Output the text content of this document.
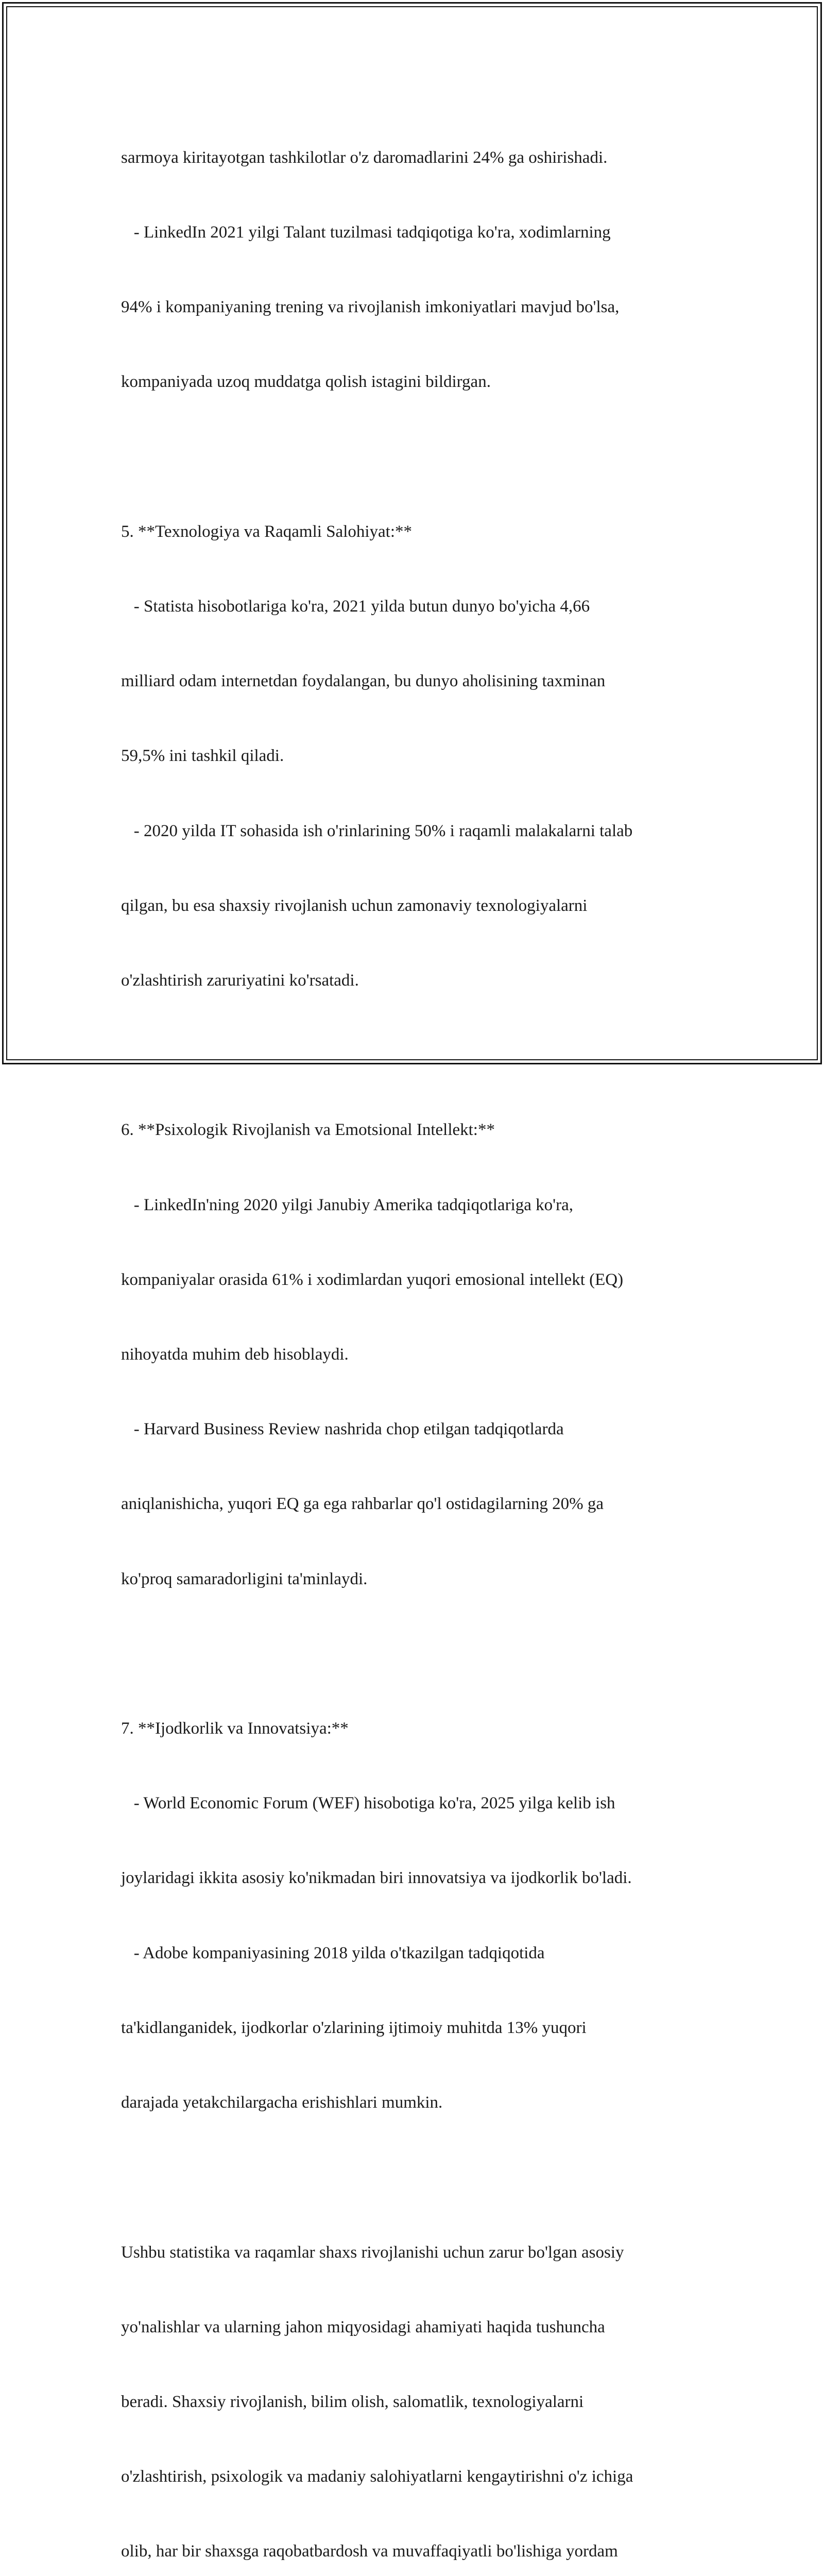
sarmoya kiritayotgan tashkilotlar o'z daromadlarini 24% ga oshirishadi.

- LinkedIn 2021 yilgi Talant tuzilmasi tadqiqotiga ko'ra, xodimlarning

94% i kompaniyaning trening va rivojlanish imkoniyatlari mavjud bo'lsa,

kompaniyada uzoq muddatga qolish istagini bildirgan.

5. **Texnologiya va Raqamli Salohiyat:**

- Statista hisobotlariga ko'ra, 2021 yilda butun dunyo bo'yicha 4,66

milliard odam internetdan foydalangan, bu dunyo aholisining taxminan

59,5% ini tashkil qiladi.

- 2020 yilda IT sohasida ish o'rinlarining 50% i raqamli malakalarni talab

qilgan, bu esa shaxsiy rivojlanish uchun zamonaviy texnologiyalarni

o'zlashtirish zaruriyatini ko'rsatadi.

6. **Psixologik Rivojlanish va Emotsional Intellekt:**

- LinkedIn'ning 2020 yilgi Janubiy Amerika tadqiqotlariga ko'ra,

kompaniyalar orasida 61% i xodimlardan yuqori emosional intellekt (EQ)

nihoyatda muhim deb hisoblaydi.

- Harvard Business Review nashrida chop etilgan tadqiqotlarda

aniqlanishicha, yuqori EQ ga ega rahbarlar qo'l ostidagilarning 20% ga

ko'proq samaradorligini ta'minlaydi.

7. **Ijodkorlik va Innovatsiya:**

- World Economic Forum (WEF) hisobotiga ko'ra, 2025 yilga kelib ish

joylaridagi ikkita asosiy ko'nikmadan biri innovatsiya va ijodkorlik bo'ladi.

- Adobe kompaniyasining 2018 yilda o'tkazilgan tadqiqotida

ta'kidlanganidek, ijodkorlar o'zlarining ijtimoiy muhitda 13% yuqori

darajada yetakchilargacha erishishlari mumkin.

Ushbu statistika va raqamlar shaxs rivojlanishi uchun zarur bo'lgan asosiy

yo'nalishlar va ularning jahon miqyosidagi ahamiyati haqida tushuncha

beradi. Shaxsiy rivojlanish, bilim olish, salomatlik, texnologiyalarni

o'zlashtirish, psixologik va madaniy salohiyatlarni kengaytirishni o'z ichiga

olib, har bir shaxsga raqobatbardosh va muvaffaqiyatli bo'lishiga yordam
